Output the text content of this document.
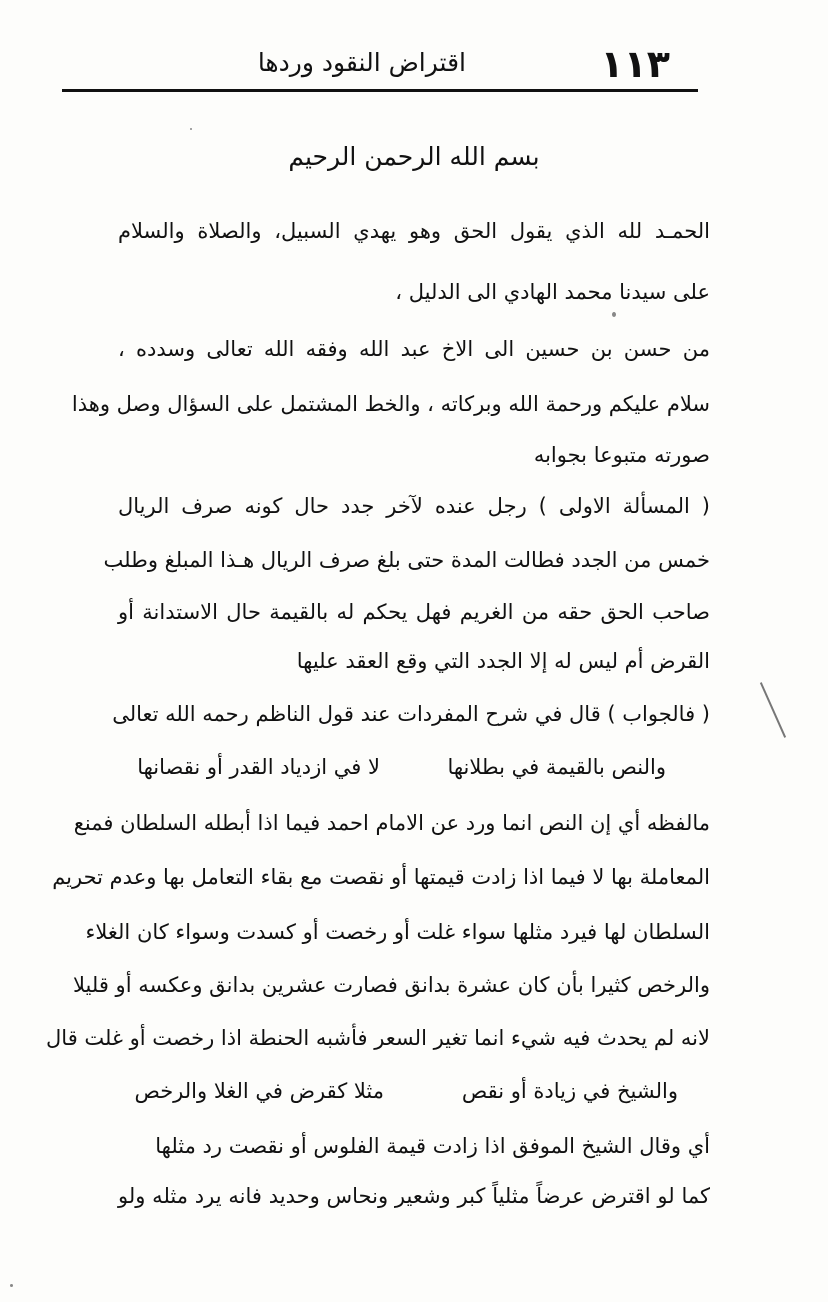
١١٣
اقتراض النقود وردها
بسم الله الرحمن الرحيم
الحمـد لله الذي يقول الحق وهو يهدي السبيل، والصلاة والسلام
على سيدنا محمد الهادي الى الدليل ،
من حسن بن حسين الى الاخ عبد الله وفقه الله تعالى وسدده ،
سلام عليكم ورحمة الله وبركاته ، والخط المشتمل على السؤال وصل وهذا
صورته متبوعا بجوابه
( المسألة الاولى ) رجل عنده لآخر جدد حال كونه صرف الريال
خمس من الجدد فطالت المدة حتى بلغ صرف الريال هـذا المبلغ وطلب
صاحب الحق حقه من الغريم فهل يحكم له بالقيمة حال الاستدانة أو
القرض أم ليس له إلا الجدد التي وقع العقد عليها
( فالجواب ) قال في شرح المفردات عند قول الناظم رحمه الله تعالى
والنص بالقيمة في بطلانها
لا في ازدياد القدر أو نقصانها
مالفظه أي إن النص انما ورد عن الامام احمد فيما اذا أبطله السلطان فمنع
المعاملة بها لا فيما اذا زادت قيمتها أو نقصت مع بقاء التعامل بها وعدم تحريم
السلطان لها فيرد مثلها سواء غلت أو رخصت أو كسدت وسواء كان الغلاء
والرخص كثيرا بأن كان عشرة بدانق فصارت عشرين بدانق وعكسه أو قليلا
لانه لم يحدث فيه شيء انما تغير السعر فأشبه الحنطة اذا رخصت أو غلت قال
والشيخ في زيادة أو نقص
مثلا كقرض في الغلا والرخص
أي وقال الشيخ الموفق اذا زادت قيمة الفلوس أو نقصت رد مثلها
كما لو اقترض عرضاً مثلياً كبر وشعير ونحاس وحديد فانه يرد مثله ولو
